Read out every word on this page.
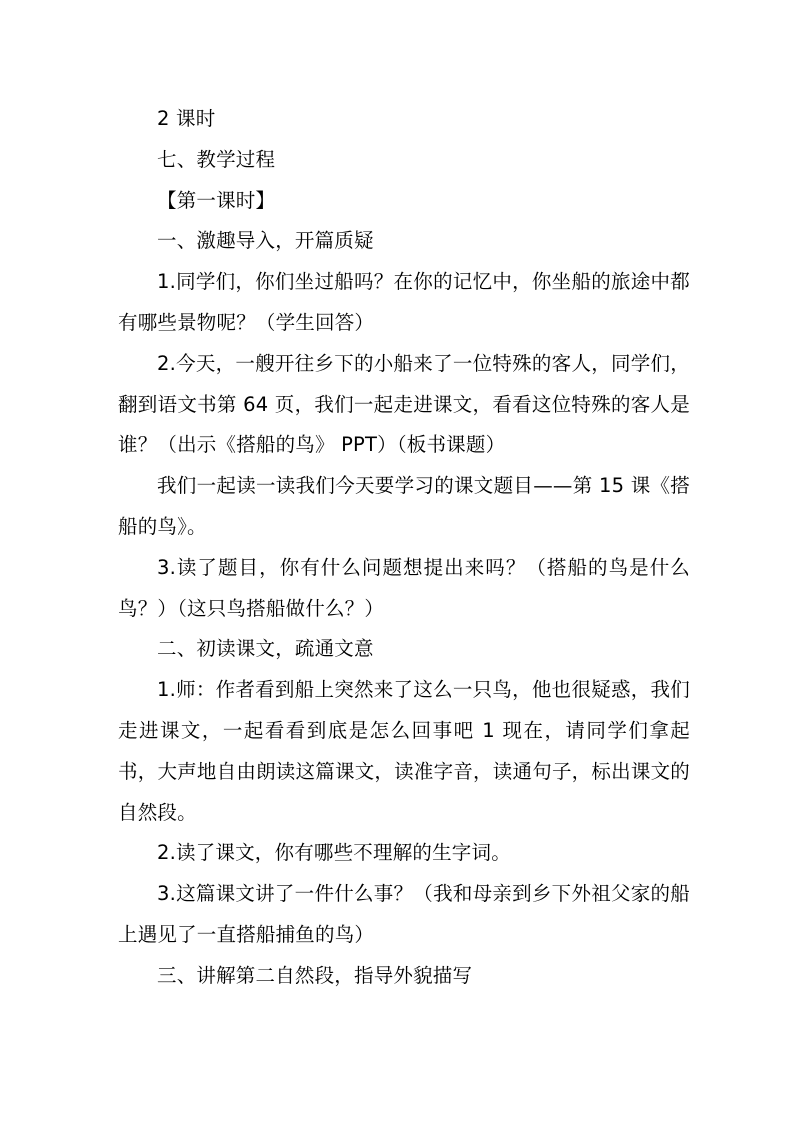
2 课时

七、教学过程

【第一课时】

一、激趣导入，开篇质疑

1.同学们，你们坐过船吗？在你的记忆中，你坐船的旅途中都有哪些景物呢？（学生回答）

2.今天，一艘开往乡下的小船来了一位特殊的客人，同学们，翻到语文书第 64 页，我们一起走进课文，看看这位特殊的客人是谁？（出示《搭船的鸟》 PPT）（板书课题）

我们一起读一读我们今天要学习的课文题目——第 15 课《搭船的鸟》。

3.读了题目，你有什么问题想提出来吗？（搭船的鸟是什么鸟？）（这只鸟搭船做什么？）

二、初读课文，疏通文意

1.师：作者看到船上突然来了这么一只鸟，他也很疑惑，我们走进课文，一起看看到底是怎么回事吧 1 现在，请同学们拿起书，大声地自由朗读这篇课文，读准字音，读通句子，标出课文的自然段。

2.读了课文，你有哪些不理解的生字词。

3.这篇课文讲了一件什么事？（我和母亲到乡下外祖父家的船上遇见了一直搭船捕鱼的鸟）

三、讲解第二自然段，指导外貌描写
